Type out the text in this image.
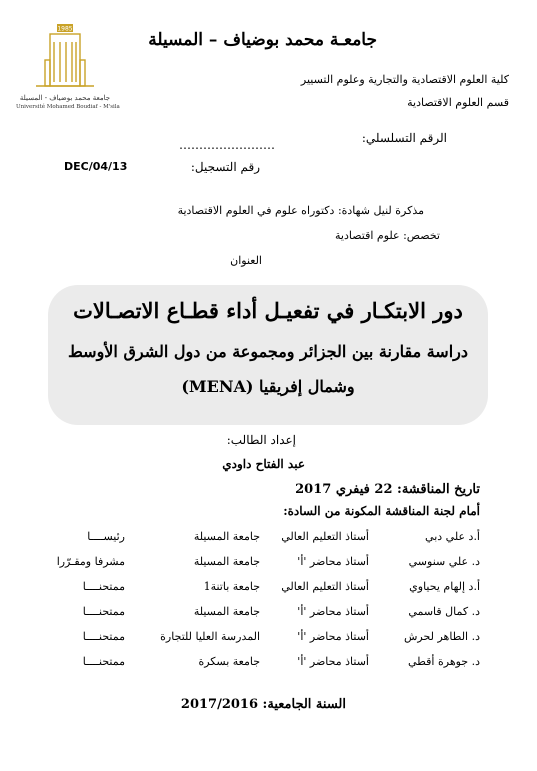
1985
جامعة محمد بوضياف - المسيلة
Université Mohamed Boudiaf - M'sila
جامعـة محمد بوضياف – المسيلة
كلية العلوم الاقتصادية والتجارية وعلوم التسيير
قسم العلوم الاقتصادية
الرقم التسلسلي:
……………………
رقم التسجيل:
DEC/04/13
مذكرة لنيل شهادة: دكتوراه علوم في العلوم الاقتصادية
تخصص: علوم اقتصادية
العنوان
دور الابتكـار في تفعيـل أداء قطـاع الاتصـالات
دراسة مقارنة بين الجزائر ومجموعة من دول الشرق الأوسط
وشمال إفريقيا (MENA)
إعداد الطالب:
عبد الفتاح داودي
تاريخ المناقشة: 22 فيفري 2017
أمام لجنة المناقشة المكونة من السادة:
أ.د علي دبي
أستاذ التعليم العالي
جامعة المسيلة
رئيســــا
د. علي سنوسي
أستاذ محاضر 'أ'
جامعة المسيلة
مشرفا ومقـرّرا
أ.د إلهام يحياوي
أستاذ التعليم العالي
جامعة باتنة1
ممتحنــــا
د. كمال قاسمي
أستاذ محاضر 'أ'
جامعة المسيلة
ممتحنــــا
د. الطاهر لحرش
أستاذ محاضر 'أ'
المدرسة العليا للتجارة
ممتحنــــا
د. جوهرة أقطي
أستاذ محاضر 'أ'
جامعة بسكرة
ممتحنــــا
السنة الجامعية: 2017/2016
